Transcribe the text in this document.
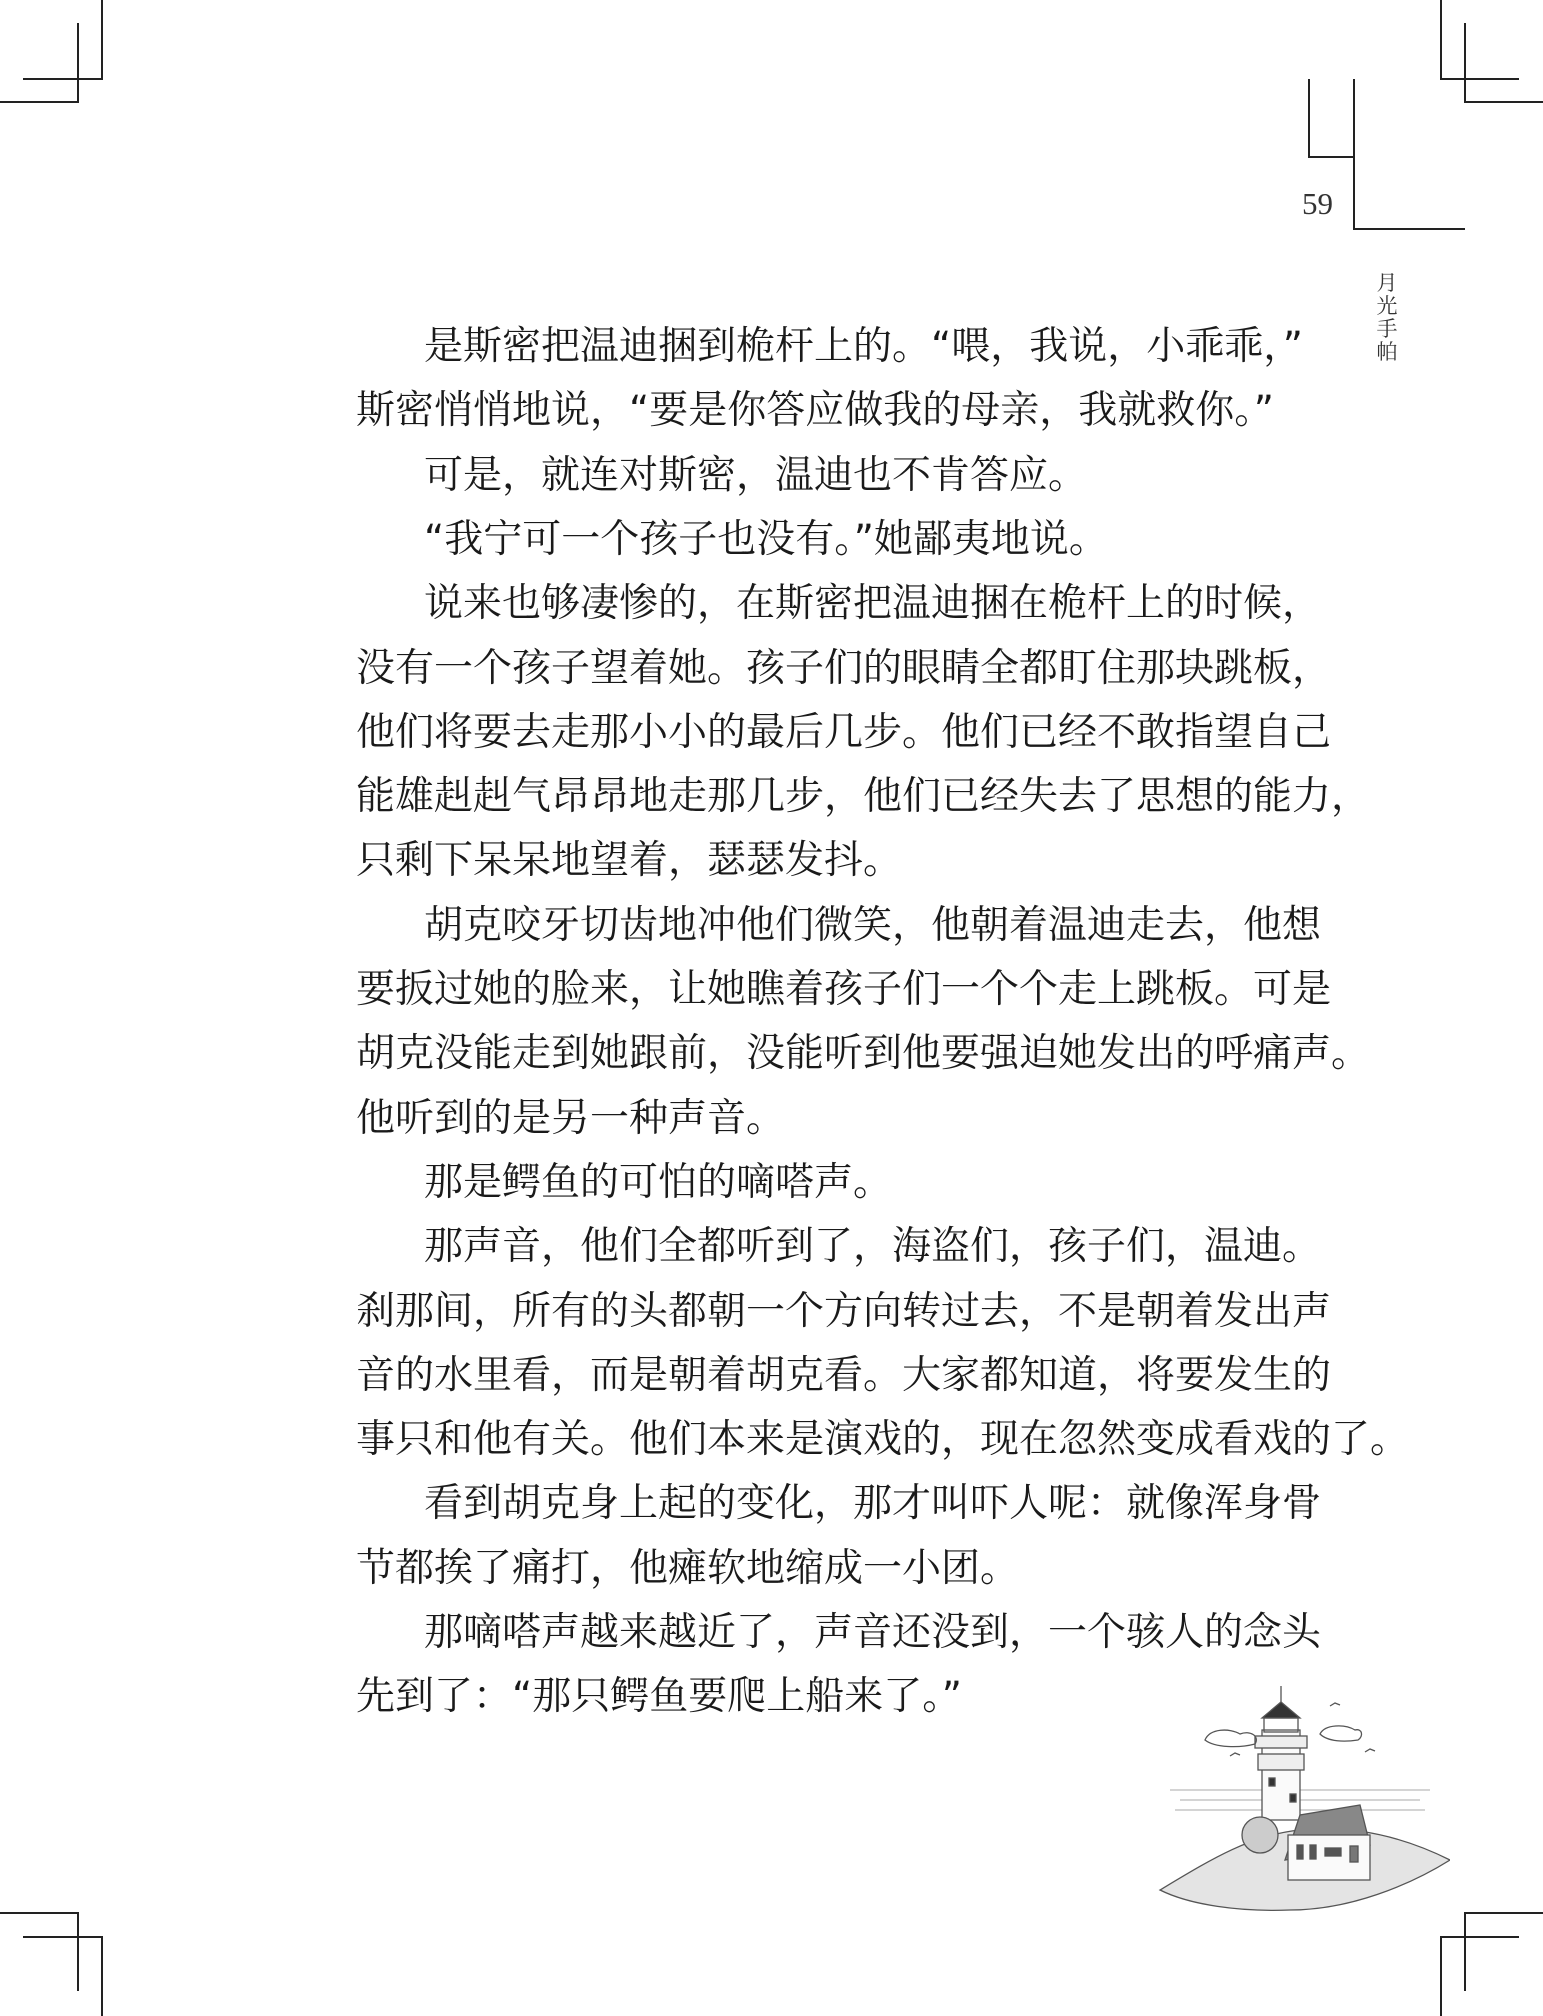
59
月
光
手
帕
是斯密把温迪捆到桅杆上的。“喂，我说，小乖乖，”
斯密悄悄地说，“要是你答应做我的母亲，我就救你。”
可是，就连对斯密，温迪也不肯答应。
“我宁可一个孩子也没有。”她鄙夷地说。
说来也够凄惨的，在斯密把温迪捆在桅杆上的时候，
没有一个孩子望着她。孩子们的眼睛全都盯住那块跳板，
他们将要去走那小小的最后几步。他们已经不敢指望自己
能雄赳赳气昂昂地走那几步，他们已经失去了思想的能力，
只剩下呆呆地望着，瑟瑟发抖。
胡克咬牙切齿地冲他们微笑，他朝着温迪走去，他想
要扳过她的脸来，让她瞧着孩子们一个个走上跳板。可是
胡克没能走到她跟前，没能听到他要强迫她发出的呼痛声。
他听到的是另一种声音。
那是鳄鱼的可怕的嘀嗒声。
那声音，他们全都听到了，海盗们，孩子们，温迪。
刹那间，所有的头都朝一个方向转过去，不是朝着发出声
音的水里看，而是朝着胡克看。大家都知道，将要发生的
事只和他有关。他们本来是演戏的，现在忽然变成看戏的了。
看到胡克身上起的变化，那才叫吓人呢：就像浑身骨
节都挨了痛打，他瘫软地缩成一小团。
那嘀嗒声越来越近了，声音还没到，一个骇人的念头
先到了：“那只鳄鱼要爬上船来了。”
